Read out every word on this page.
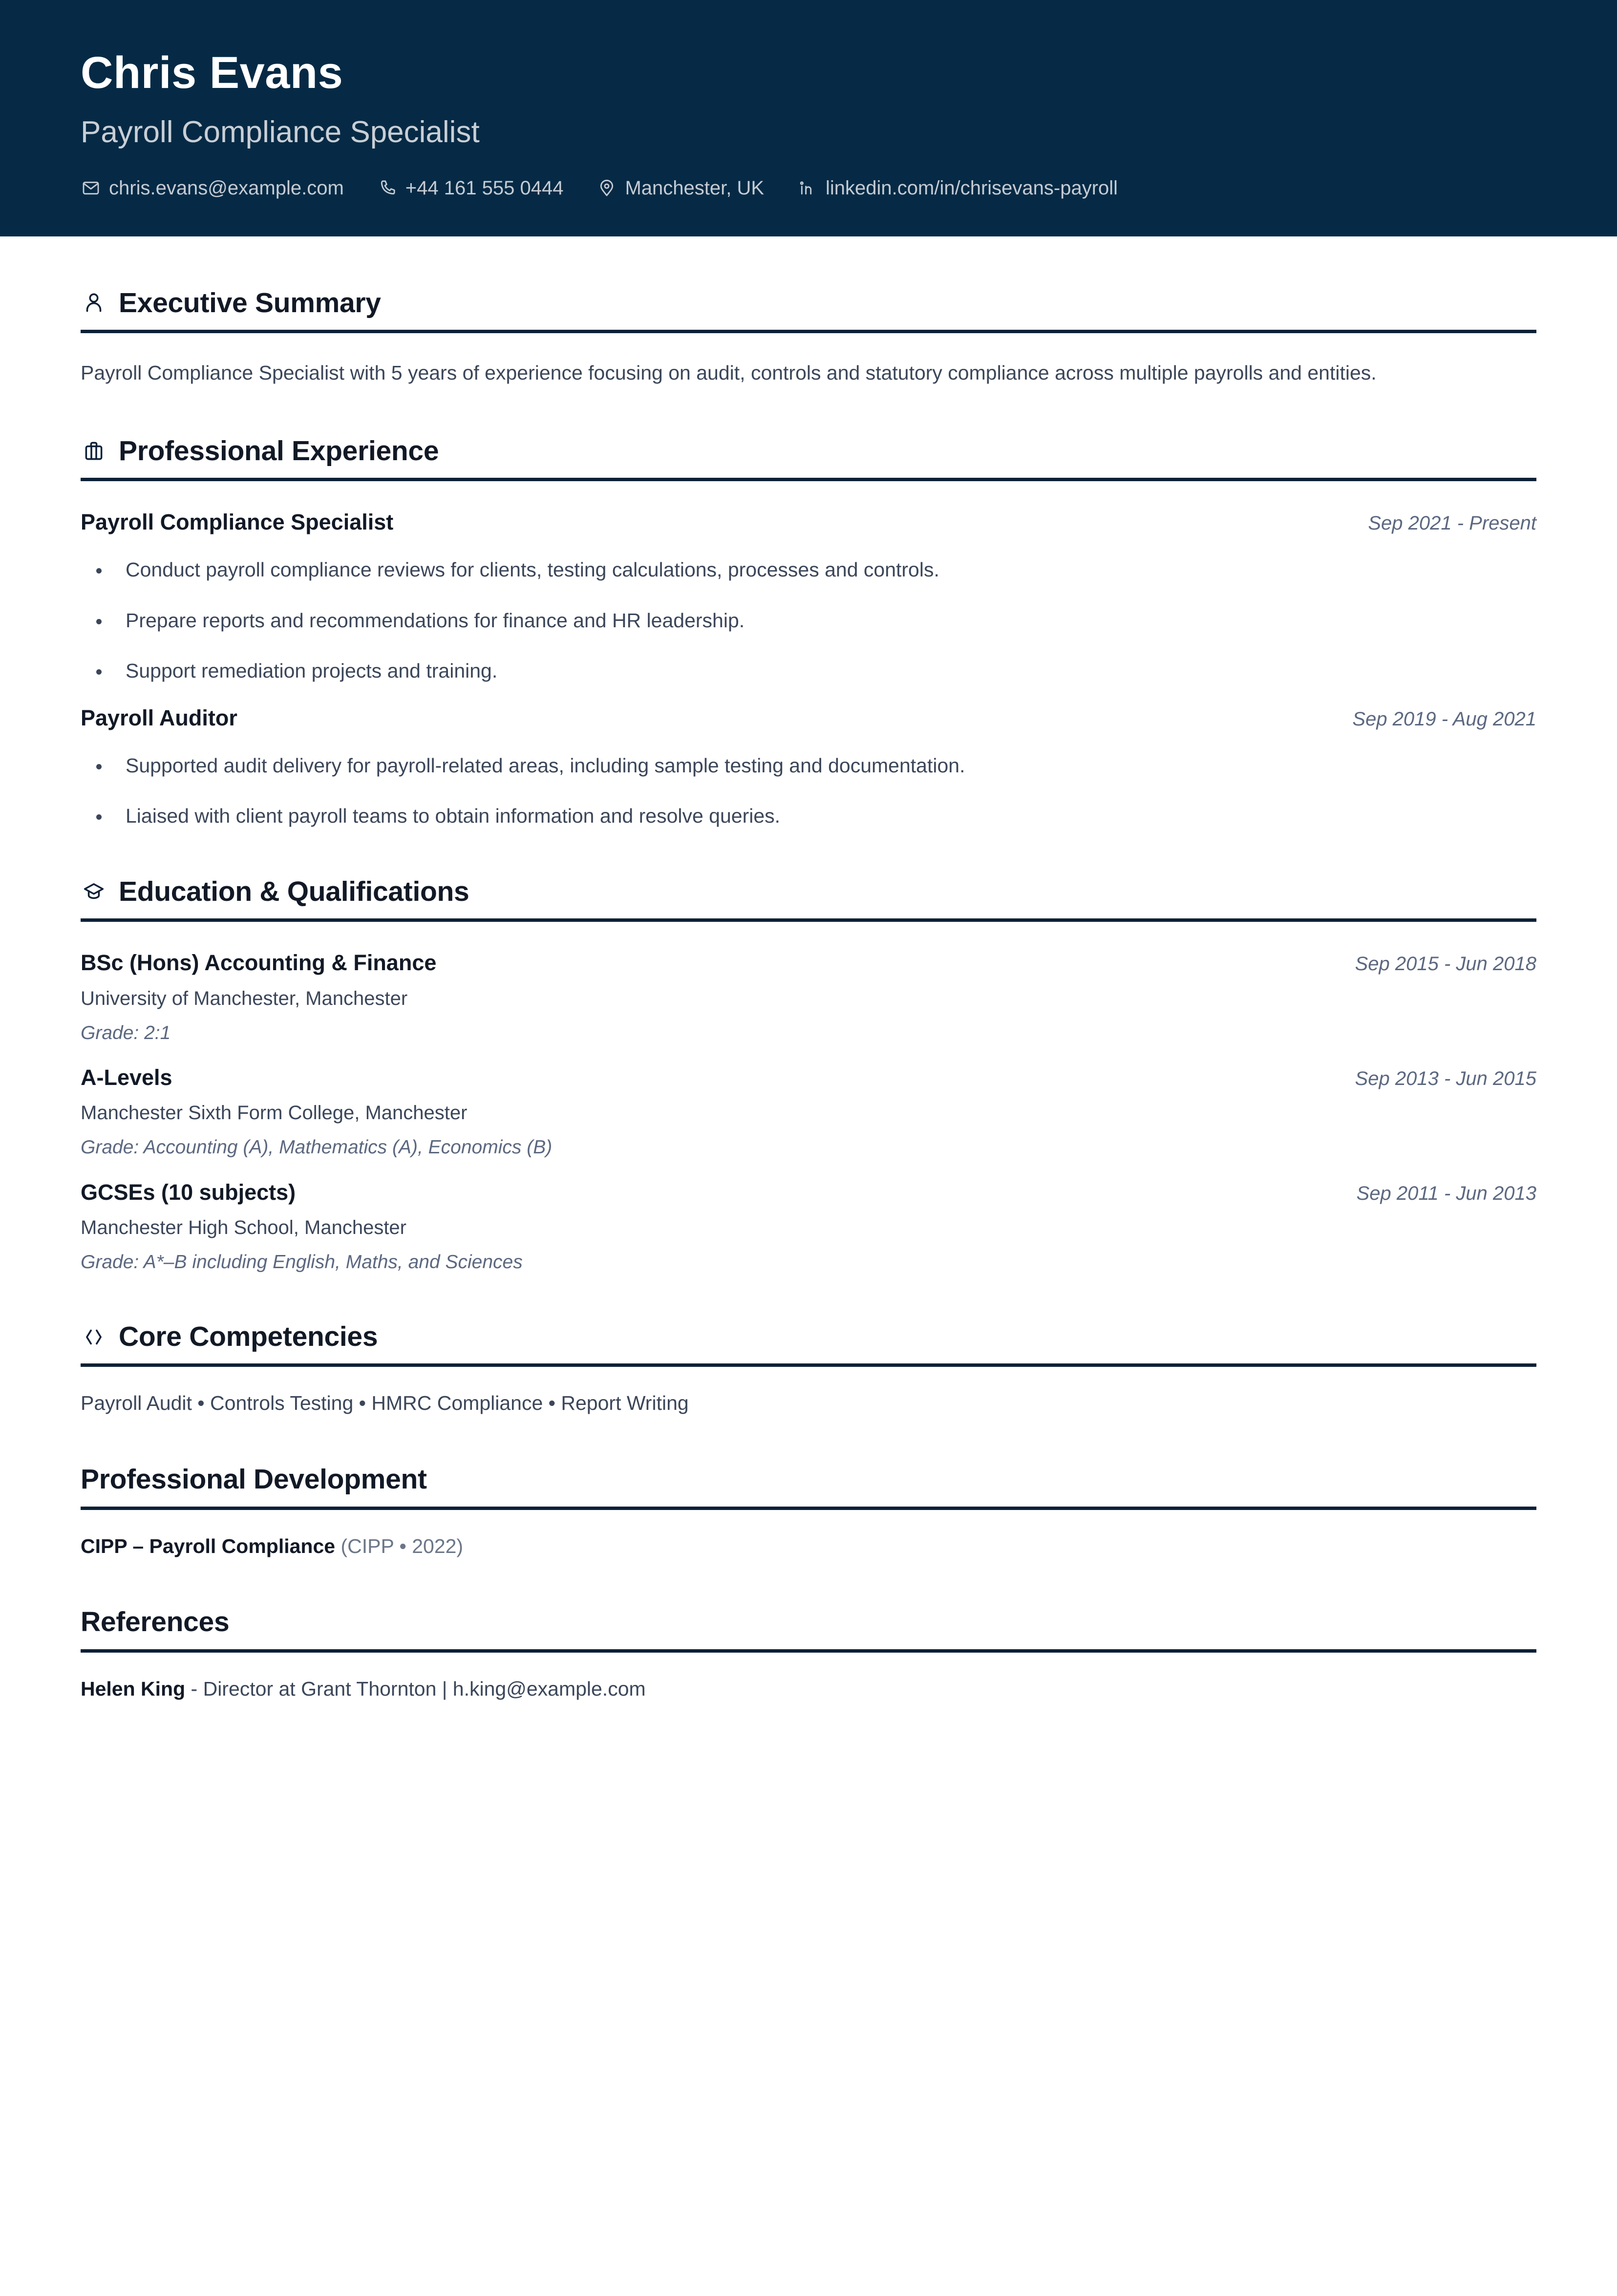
Chris Evans
Payroll Compliance Specialist
chris.evans@example.com	+44 161 555 0444	Manchester, UK	linkedin.com/in/chrisevans-payroll
Executive Summary

Payroll Compliance Specialist with 5 years of experience focusing on audit, controls and statutory compliance across multiple payrolls and entities.

Professional Experience
Payroll Compliance Specialist	Sep 2021 - Present
Conduct payroll compliance reviews for clients, testing calculations, processes and controls.
Prepare reports and recommendations for finance and HR leadership.
Support remediation projects and training.
Payroll Auditor	Sep 2019 - Aug 2021
Supported audit delivery for payroll-related areas, including sample testing and documentation.
Liaised with client payroll teams to obtain information and resolve queries.
Education & Qualifications
BSc (Hons) Accounting & Finance	Sep 2015 - Jun 2018
University of Manchester, Manchester
Grade: 2:1
A-Levels	Sep 2013 - Jun 2015
Manchester Sixth Form College, Manchester
Grade: Accounting (A), Mathematics (A), Economics (B)
GCSEs (10 subjects)	Sep 2011 - Jun 2013
Manchester High School, Manchester
Grade: A*–B including English, Maths, and Sciences
Core Competencies
Payroll Audit • Controls Testing • HMRC Compliance • Report Writing
Professional Development
CIPP – Payroll Compliance (CIPP • 2022)
References
Helen King - Director at Grant Thornton | h.king@example.com
